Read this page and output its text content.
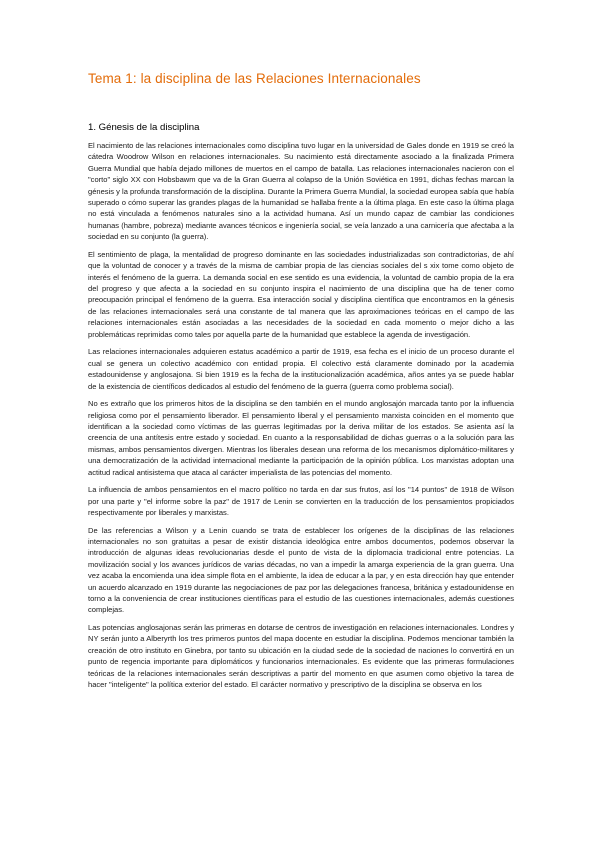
Tema 1: la disciplina de las Relaciones Internacionales
1. Génesis de la disciplina

El nacimiento de las relaciones internacionales como disciplina tuvo lugar en la universidad de Gales donde en 1919 se creó la cátedra Woodrow Wilson en relaciones internacionales. Su nacimiento está directamente asociado a la finalizada Primera Guerra Mundial que había dejado millones de muertos en el campo de batalla. Las relaciones internacionales nacieron con el "corto" siglo XX con Hobsbawm que va de la Gran Guerra al colapso de la Unión Soviética en 1991, dichas fechas marcan la génesis y la profunda transformación de la disciplina. Durante la Primera Guerra Mundial, la sociedad europea sabía que había superado o cómo superar las grandes plagas de la humanidad se hallaba frente a la última plaga. En este caso la última plaga no está vinculada a fenómenos naturales sino a la actividad humana. Así un mundo capaz de cambiar las condiciones humanas (hambre, pobreza) mediante avances técnicos e ingeniería social, se veía lanzado a una carnicería que afectaba a la sociedad en su conjunto (la guerra).

El sentimiento de plaga, la mentalidad de progreso dominante en las sociedades industrializadas son contradictorias, de ahí que la voluntad de conocer y a través de la misma de cambiar propia de las ciencias sociales del s xix tome como objeto de interés el fenómeno de la guerra. La demanda social en ese sentido es una evidencia, la voluntad de cambio propia de la era del progreso y que afecta a la sociedad en su conjunto inspira el nacimiento de una disciplina que ha de tener como preocupación principal el fenómeno de la guerra. Esa interacción social y disciplina científica que encontramos en la génesis de las relaciones internacionales será una constante de tal manera que las aproximaciones teóricas en el campo de las relaciones internacionales están asociadas a las necesidades de la sociedad en cada momento o mejor dicho a las problemáticas reprimidas como tales por aquella parte de la humanidad que establece la agenda de investigación.

Las relaciones internacionales adquieren estatus académico a partir de 1919, esa fecha es el inicio de un proceso durante el cual se genera un colectivo académico con entidad propia. El colectivo está claramente dominado por la academia estadounidense y anglosajona. Si bien 1919 es la fecha de la institucionalización académica, años antes ya se puede hablar de la existencia de científicos dedicados al estudio del fenómeno de la guerra (guerra como problema social).

No es extraño que los primeros hitos de la disciplina se den también en el mundo anglosajón marcada tanto por la influencia religiosa como por el pensamiento liberador. El pensamiento liberal y el pensamiento marxista coinciden en el momento que identifican a la sociedad como víctimas de las guerras legitimadas por la deriva militar de los estados. Se asienta así la creencia de una antítesis entre estado y sociedad. En cuanto a la responsabilidad de dichas guerras o a la solución para las mismas, ambos pensamientos divergen. Mientras los liberales desean una reforma de los mecanismos diplomático-militares y una democratización de la actividad internacional mediante la participación de la opinión pública. Los marxistas adoptan una actitud radical antisistema que ataca al carácter imperialista de las potencias del momento.

La influencia de ambos pensamientos en el macro político no tarda en dar sus frutos, así los "14 puntos" de 1918 de Wilson por una parte y "el informe sobre la paz" de 1917 de Lenin se convierten en la traducción de los pensamientos propiciados respectivamente por liberales y marxistas.

De las referencias a Wilson y a Lenin cuando se trata de establecer los orígenes de la disciplinas de las relaciones internacionales no son gratuitas a pesar de existir distancia ideológica entre ambos documentos, podemos observar la introducción de algunas ideas revolucionarias desde el punto de vista de la diplomacia tradicional entre potencias. La movilización social y los avances jurídicos de varias décadas, no van a impedir la amarga experiencia de la gran guerra. Una vez acaba la encomienda una idea simple flota en el ambiente, la idea de educar a la par, y en esta dirección hay que entender un acuerdo alcanzado en 1919 durante las negociaciones de paz por las delegaciones francesa, británica y estadounidense en torno a la conveniencia de crear instituciones científicas para el estudio de las cuestiones internacionales, además cuestiones complejas.

Las potencias anglosajonas serán las primeras en dotarse de centros de investigación en relaciones internacionales. Londres y NY serán junto a Alberyrth los tres primeros puntos del mapa docente en estudiar la disciplina. Podemos mencionar también la creación de otro instituto en Ginebra, por tanto su ubicación en la ciudad sede de la sociedad de naciones lo convertirá en un punto de regencia importante para diplomáticos y funcionarios internacionales. Es evidente que las primeras formulaciones teóricas de la relaciones internacionales serán descriptivas a partir del momento en que asumen como objetivo la tarea de hacer "inteligente" la política exterior del estado. El carácter normativo y prescriptivo de la disciplina se observa en los
